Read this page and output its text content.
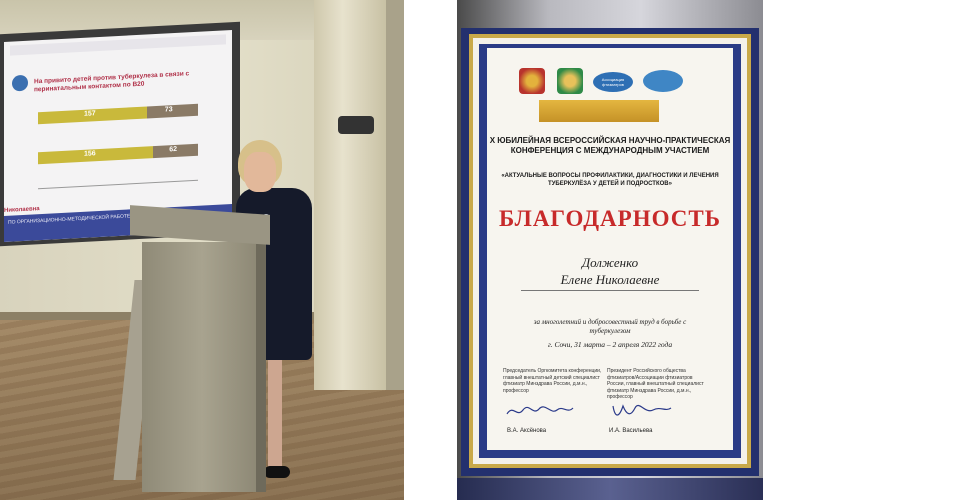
На привито детей против туберкулеза в связи с перинатальным контактом по В20
157
73
156
62
Николаевна
ПО ОРГАНИЗАЦИОННО-МЕТОДИЧЕСКОЙ РАБОТЕ
Ассоциация фтизиатров
X ЮБИЛЕЙНАЯ ВСЕРОССИЙСКАЯ НАУЧНО-ПРАКТИЧЕСКАЯ КОНФЕРЕНЦИЯ С МЕЖДУНАРОДНЫМ УЧАСТИЕМ
«АКТУАЛЬНЫЕ ВОПРОСЫ ПРОФИЛАКТИКИ, ДИАГНОСТИКИ И ЛЕЧЕНИЯ ТУБЕРКУЛЁЗА У ДЕТЕЙ И ПОДРОСТКОВ»
БЛАГОДАРНОСТЬ
Долженко
Елене Николаевне
за многолетний и добросовестный труд в борьбе с туберкулезом
г. Сочи, 31 марта – 2 апреля 2022 года
Председатель Оргкомитета конференции, главный внештатный детский специалист фтизиатр Минздрава России, д.м.н., профессор
Президент Российского общества фтизиатров/Ассоциации фтизиатров России, главный внештатный специалист фтизиатр Минздрава России, д.м.н., профессор
В.А. Аксёнова	И.А. Васильева
